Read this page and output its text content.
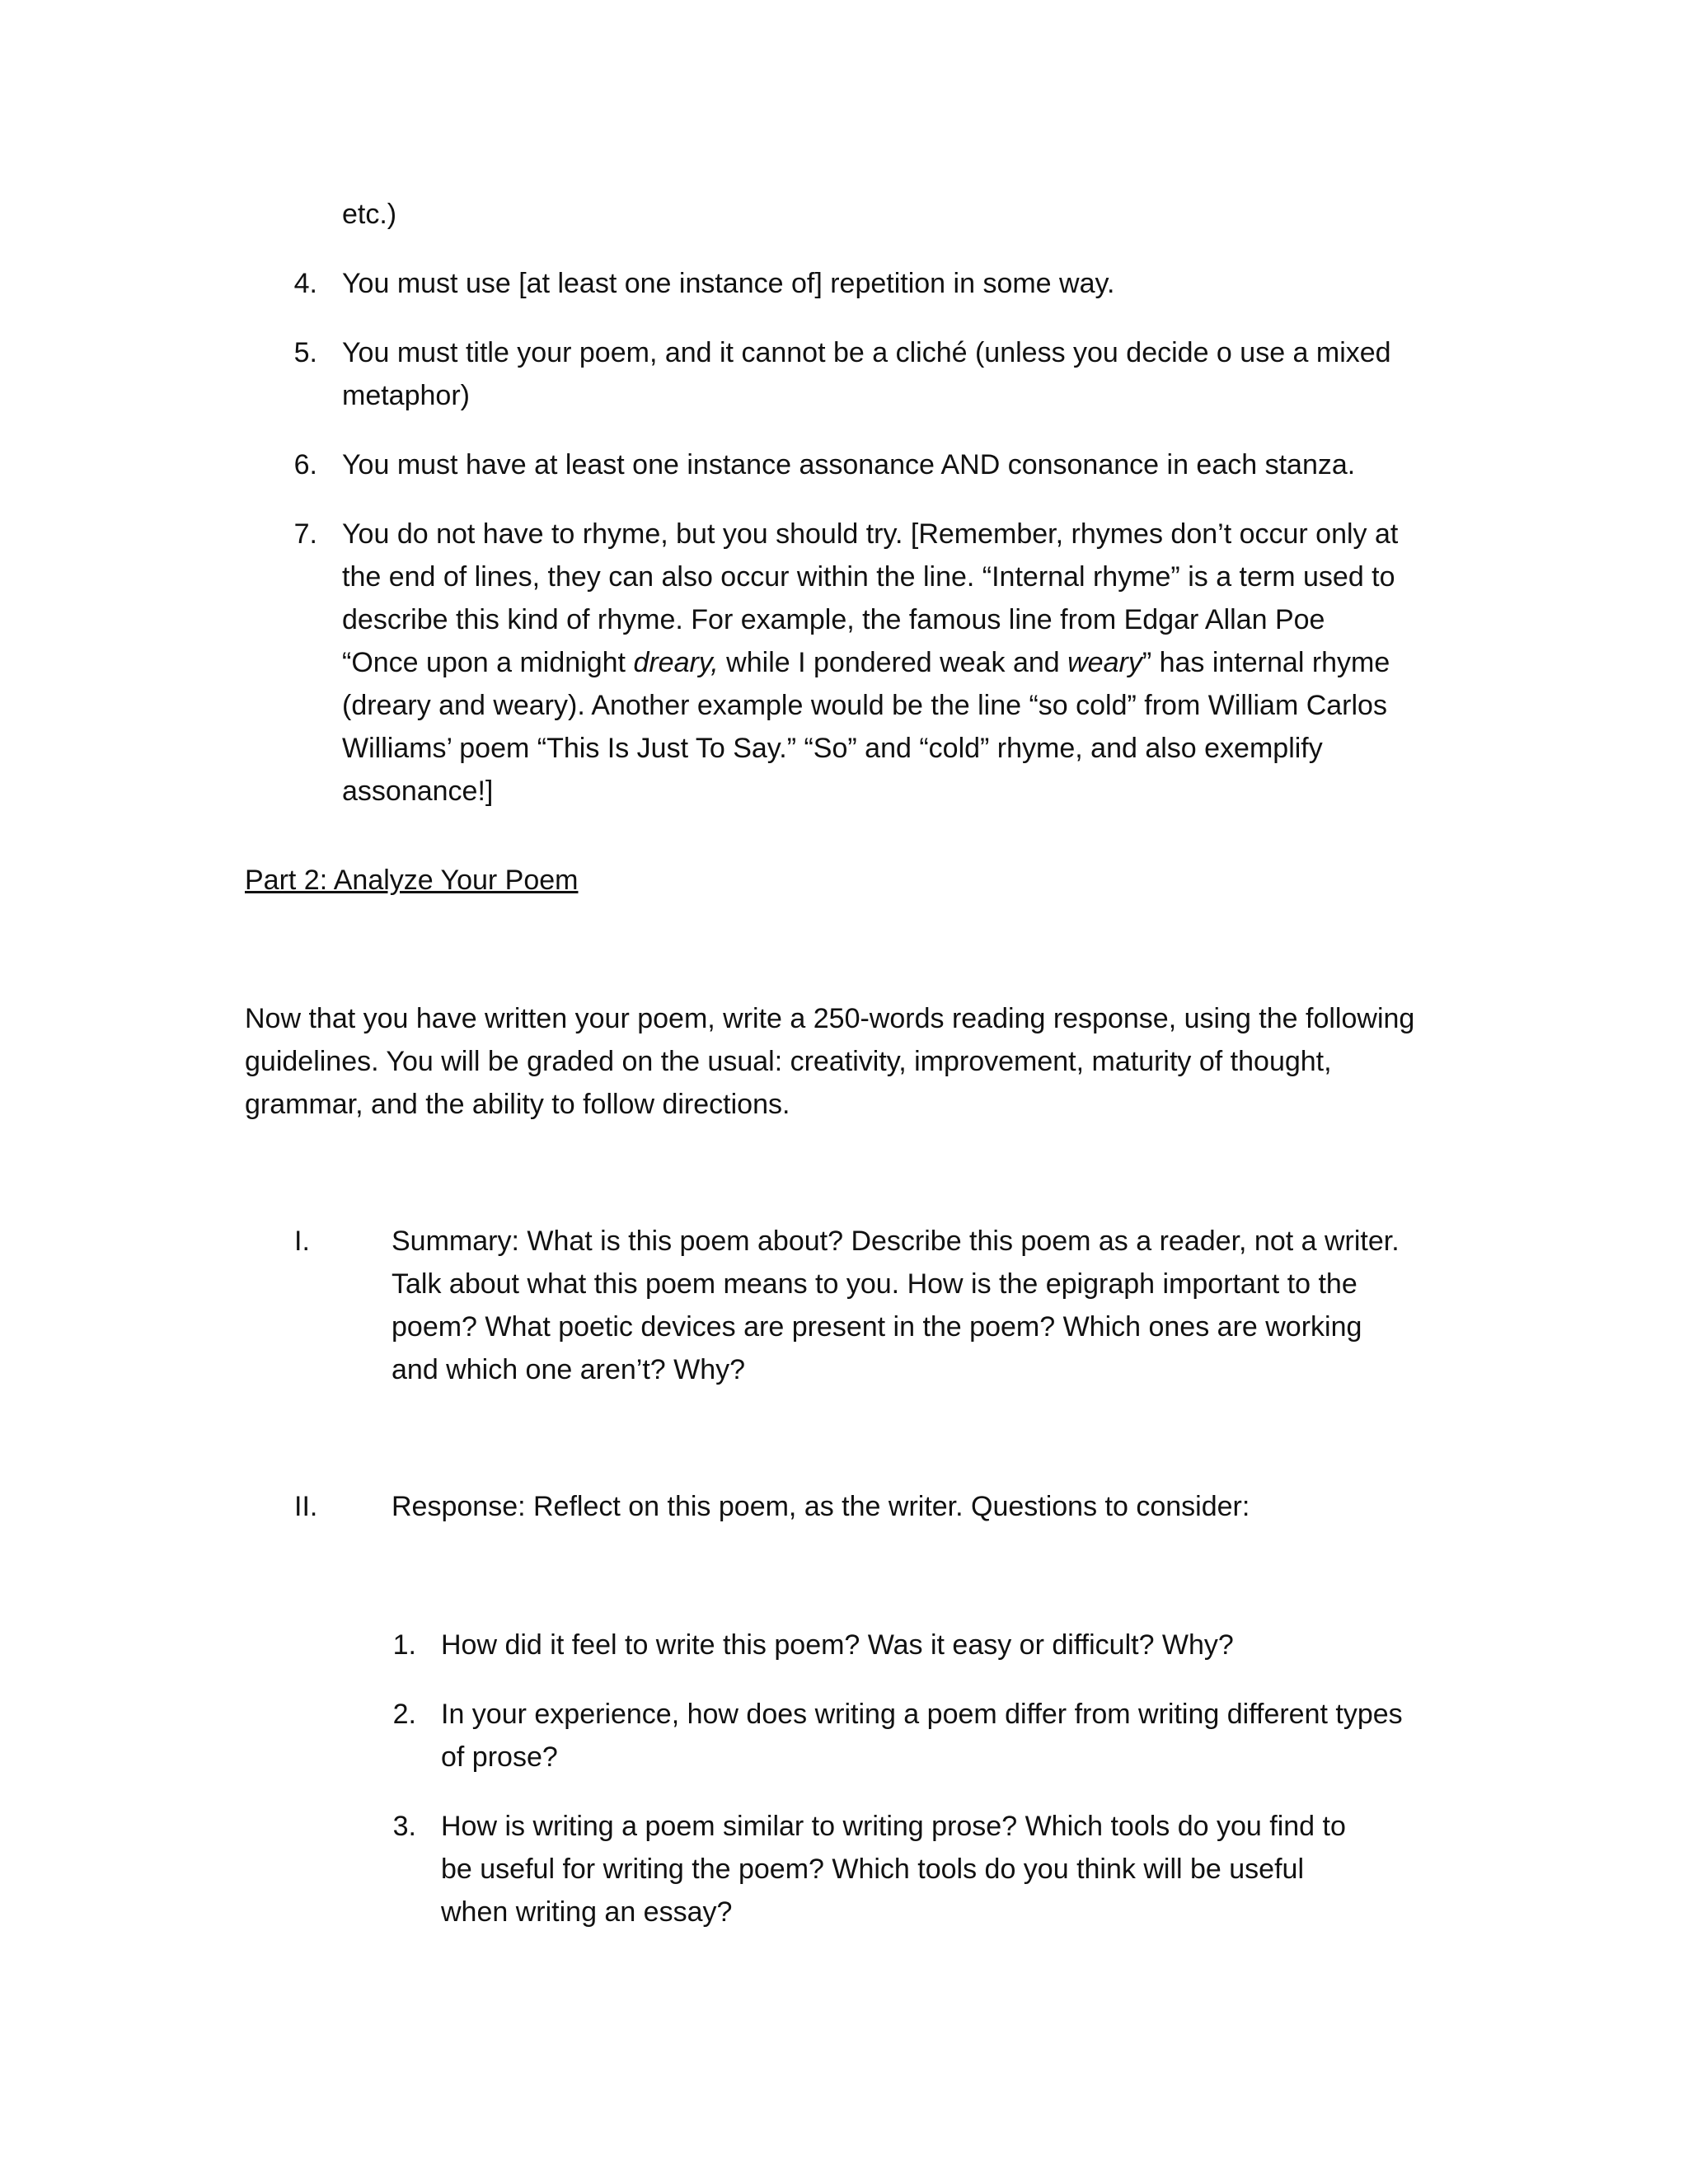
etc.)
4. You must use [at least one instance of] repetition in some way.
5. You must title your poem, and it cannot be a cliché (unless you decide o use a mixed metaphor)
6. You must have at least one instance assonance AND consonance in each stanza.
7. You do not have to rhyme, but you should try. [Remember, rhymes don’t occur only at the end of lines, they can also occur within the line. “Internal rhyme” is a term used to describe this kind of rhyme. For example, the famous line from Edgar Allan Poe “Once upon a midnight dreary, while I pondered weak and weary” has internal rhyme (dreary and weary). Another example would be the line “so cold” from William Carlos Williams’ poem “This Is Just To Say.” “So” and “cold” rhyme, and also exemplify assonance!]
Part 2: Analyze Your Poem
Now that you have written your poem, write a 250-words reading response, using the following guidelines. You will be graded on the usual: creativity, improvement, maturity of thought, grammar, and the ability to follow directions.
I.	Summary: What is this poem about? Describe this poem as a reader, not a writer. Talk about what this poem means to you. How is the epigraph important to the poem? What poetic devices are present in the poem? Which ones are working and which one aren’t? Why?
II.	Response: Reflect on this poem, as the writer. Questions to consider:
1. How did it feel to write this poem? Was it easy or difficult? Why?
2. In your experience, how does writing a poem differ from writing different types of prose?
3. How is writing a poem similar to writing prose? Which tools do you find to be useful for writing the poem? Which tools do you think will be useful when writing an essay?
